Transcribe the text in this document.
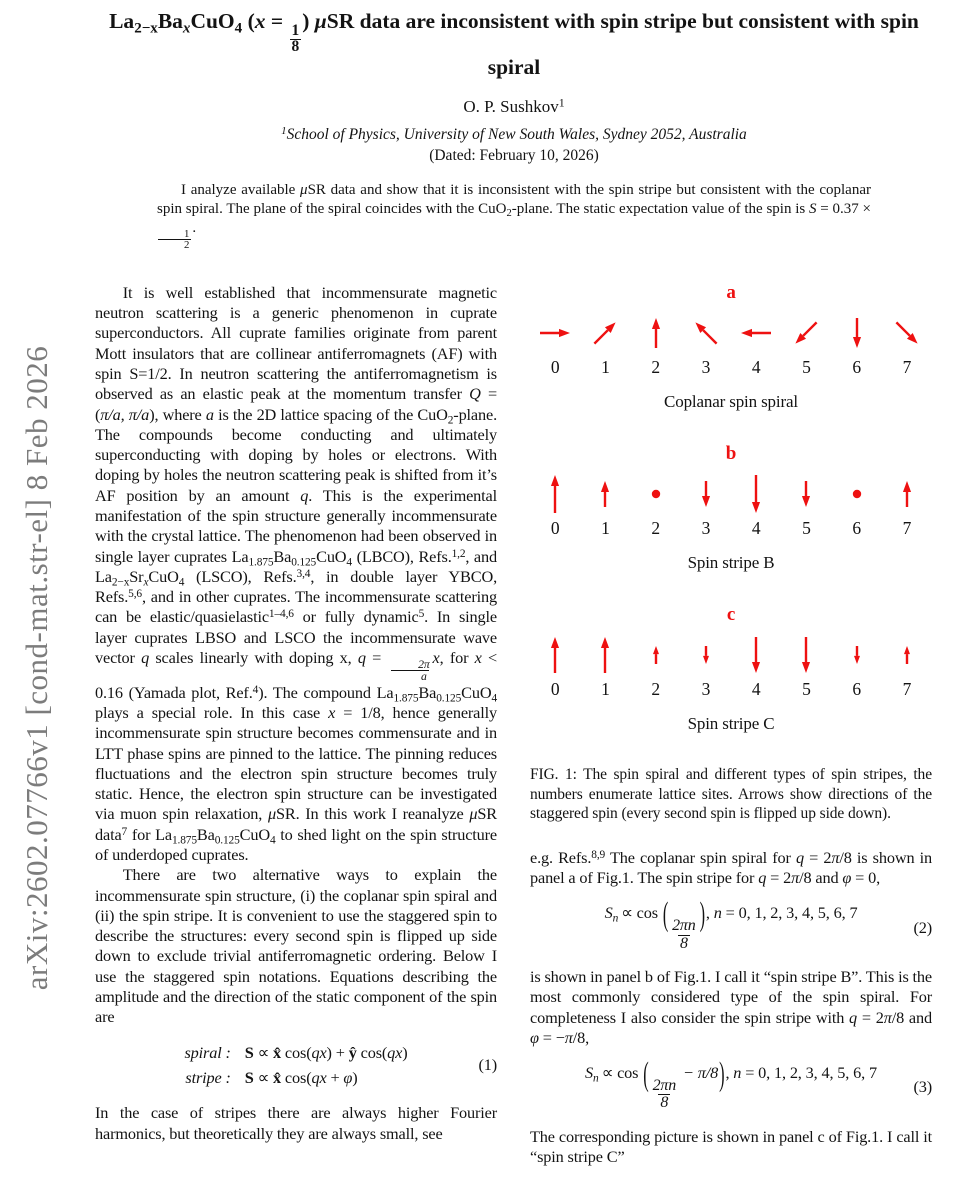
arXiv:2602.07766v1 [cond-mat.str-el] 8 Feb 2026
$La_{2-x}Ba_xCuO_4$ (x =
$\frac{1}{8}$
) μSR data are inconsistent with spin stripe but consistent with spin spiral
O. P. Sushkov$^1$
$^1$School of Physics, University of New South Wales, Sydney 2052, Australia
(Dated: February 10, 2026)
I analyze available μSR data and show that it is inconsistent with the spin stripe but consistent with the coplanar spin spiral. The plane of the spiral coincides with the CuO$_2$-plane. The static expectation value of the spin is S = 0.37 ×
$\frac{1}{2}$
.

It is well established that incommensurate magnetic neutron scattering is a generic phenomenon in cuprate superconductors. All cuprate families originate from parent Mott insulators that are collinear antiferromagnets (AF) with spin S=1/2. In neutron scattering the antiferromagnetism is observed as an elastic peak at the momentum transfer Q = (π/a, π/a), where a is the 2D lattice spacing of the CuO$_2$-plane. The compounds become conducting and ultimately superconducting with doping by holes or electrons. With doping by holes the neutron scattering peak is shifted from it’s AF position by an amount q. This is the experimental manifestation of the spin structure generally incommensurate with the crystal lattice. The phenomenon had been observed in single layer cuprates $La_{1.875}Ba_{0.125}CuO_4$ (LBCO), Refs.$^{1,2}$, and $La_{2-x}Sr_xCuO_4$ (LSCO), Refs.$^{3,4}$, in double layer YBCO, Refs.$^{5,6}$, and in other cuprates. The incommensurate scattering can be elastic/quasielastic$^{1-4,6}$ or fully dynamic$^5$. In single layer cuprates LBSO and LSCO the incommensurate wave vector q scales linearly with doping x, q =
$\frac{2\pi}{a}$
x, for x < 0.16 (Yamada plot, Ref.$^4$). The compound $La_{1.875}Ba_{0.125}CuO_4$ plays a special role. In this case x = 1/8, hence generally incommensurate spin structure becomes commensurate and in LTT phase spins are pinned to the lattice. The pinning reduces fluctuations and the electron spin structure becomes truly static. Hence, the electron spin structure can be investigated via muon spin relaxation, μSR. In this work I reanalyze μSR data$^7$ for $La_{1.875}Ba_{0.125}CuO_4$ to shed light on the spin structure of underdoped cuprates.

There are two alternative ways to explain the incommensurate spin structure, (i) the coplanar spin spiral and (ii) the spin stripe. It is convenient to use the staggered spin to describe the structures: every second spin is flipped up side down to exclude trivial antiferromagnetic ordering. Below I use the staggered spin notations. Equations describing the amplitude and the direction of the static component of the spin are

spiral : S ∝ x̂ cos(qx) + ŷ cos(qx)
stripe : S ∝ x̂ cos(qx + φ)
(1)

In the case of stripes there are always higher Fourier harmonics, but theoretically they are always small, see

a
0	1	2	3	4	5	6	7
Coplanar spin spiral
b
0	1	2	3	4	5	6	7
Spin stripe B
c
0	1	2	3	4	5	6	7
Spin stripe C
FIG. 1: The spin spiral and different types of spin stripes, the numbers enumerate lattice sites. Arrows show directions of the staggered spin (every second spin is flipped up side down).

e.g. Refs.$^{8,9}$ The coplanar spin spiral for q = 2π/8 is shown in panel a of Fig.1. The spin stripe for q = 2π/8 and φ = 0,

$S_n \propto \cos$ (
$\frac{2\pi n}{8}$
), n = 0, 1, 2, 3, 4, 5, 6, 7
(2)

is shown in panel b of Fig.1. I call it “spin stripe B”. This is the most commonly considered type of the spin spiral. For completeness I also consider the spin stripe with q = 2π/8 and φ = −π/8,

$S_n \propto \cos$ (
$\frac{2\pi n}{8}$
− π/8), n = 0, 1, 2, 3, 4, 5, 6, 7
(3)

The corresponding picture is shown in panel c of Fig.1. I call it “spin stripe C”
